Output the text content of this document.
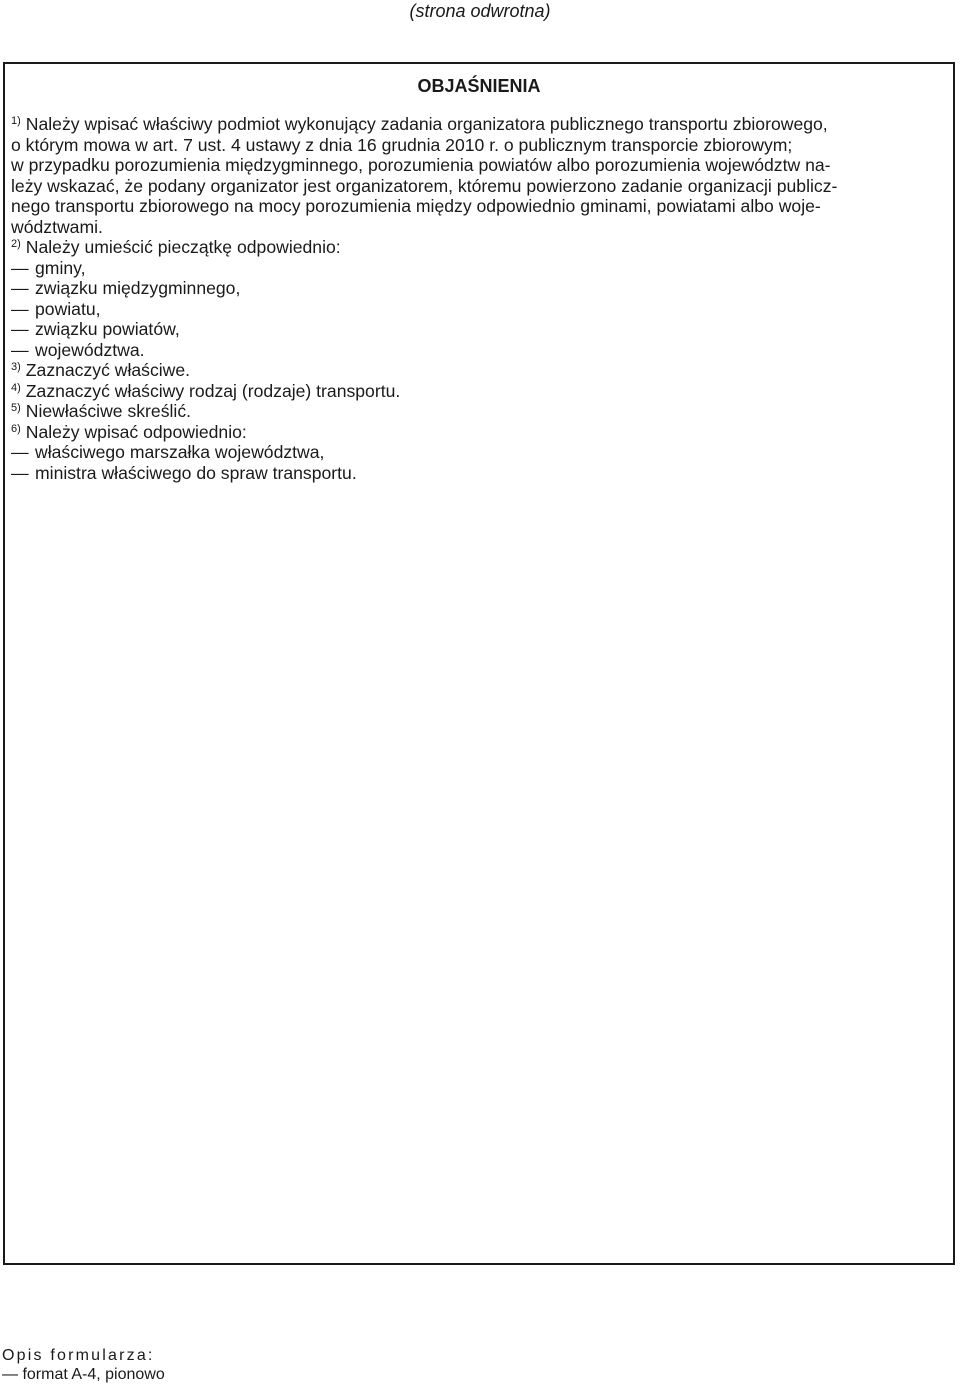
(strona odwrotna)
OBJAŚNIENIA
$^{1)}$ Należy wpisać właściwy podmiot wykonujący zadania organizatora publicznego transportu zbiorowego,
o którym mowa w art. 7 ust. 4 ustawy z dnia 16 grudnia 2010 r. o publicznym transporcie zbiorowym;
w przypadku porozumienia międzygminnego, porozumienia powiatów albo porozumienia województw na-
leży wskazać, że podany organizator jest organizatorem, któremu powierzono zadanie organizacji publicz-
nego transportu zbiorowego na mocy porozumienia między odpowiednio gminami, powiatami albo woje-
wództwami.
$^{2)}$ Należy umieścić pieczątkę odpowiednio:
— gminy,
— związku międzygminnego,
— powiatu,
— związku powiatów,
— województwa.
$^{3)}$ Zaznaczyć właściwe.
$^{4)}$ Zaznaczyć właściwy rodzaj (rodzaje) transportu.
$^{5)}$ Niewłaściwe skreślić.
$^{6)}$ Należy wpisać odpowiednio:
— właściwego marszałka województwa,
— ministra właściwego do spraw transportu.
Opis formularza:
— format A-4, pionowo
